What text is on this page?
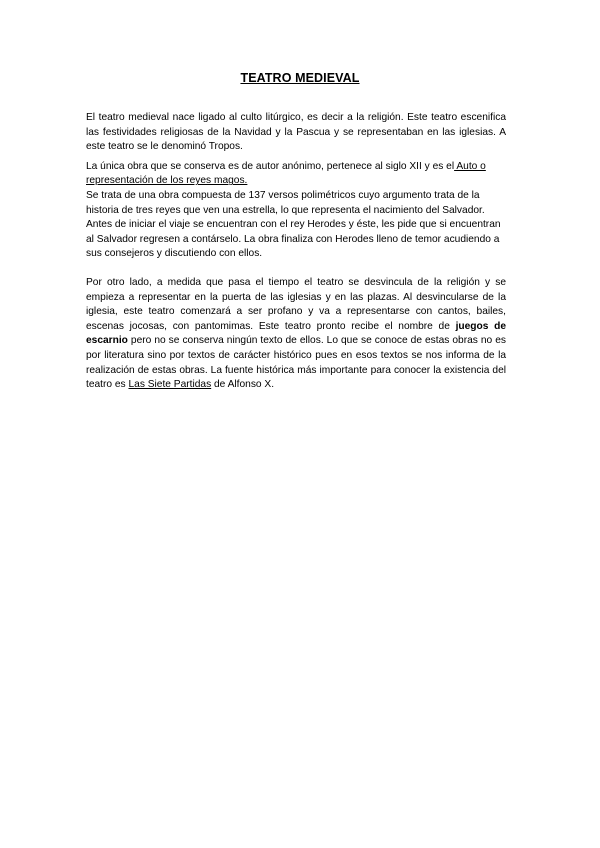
TEATRO MEDIEVAL

El teatro medieval nace ligado al culto litúrgico, es decir a la religión. Este teatro escenifica las festividades religiosas de la Navidad y la Pascua y se representaban en las iglesias. A este teatro se le denominó Tropos.

La única obra que se conserva es de autor anónimo, pertenece al siglo XII y es el Auto o representación de los reyes magos.

Se trata de una obra compuesta de 137 versos polimétricos cuyo argumento trata de la historia de tres reyes que ven una estrella, lo que representa el nacimiento del Salvador. Antes de iniciar el viaje se encuentran con el rey Herodes y éste, les pide que si encuentran al Salvador regresen a contárselo. La obra finaliza con Herodes lleno de temor acudiendo a sus consejeros y discutiendo con ellos.

Por otro lado, a medida que pasa el tiempo el teatro se desvincula de la religión y se empieza a representar en la puerta de las iglesias y en las plazas. Al desvincularse de la iglesia, este teatro comenzará a ser profano y va a representarse con cantos, bailes, escenas jocosas, con pantomimas. Este teatro pronto recibe el nombre de juegos de escarnio pero no se conserva ningún texto de ellos. Lo que se conoce de estas obras no es por literatura sino por textos de carácter histórico pues en esos textos se nos informa de la realización de estas obras. La fuente histórica más importante para conocer la existencia del teatro es Las Siete Partidas de Alfonso X.
